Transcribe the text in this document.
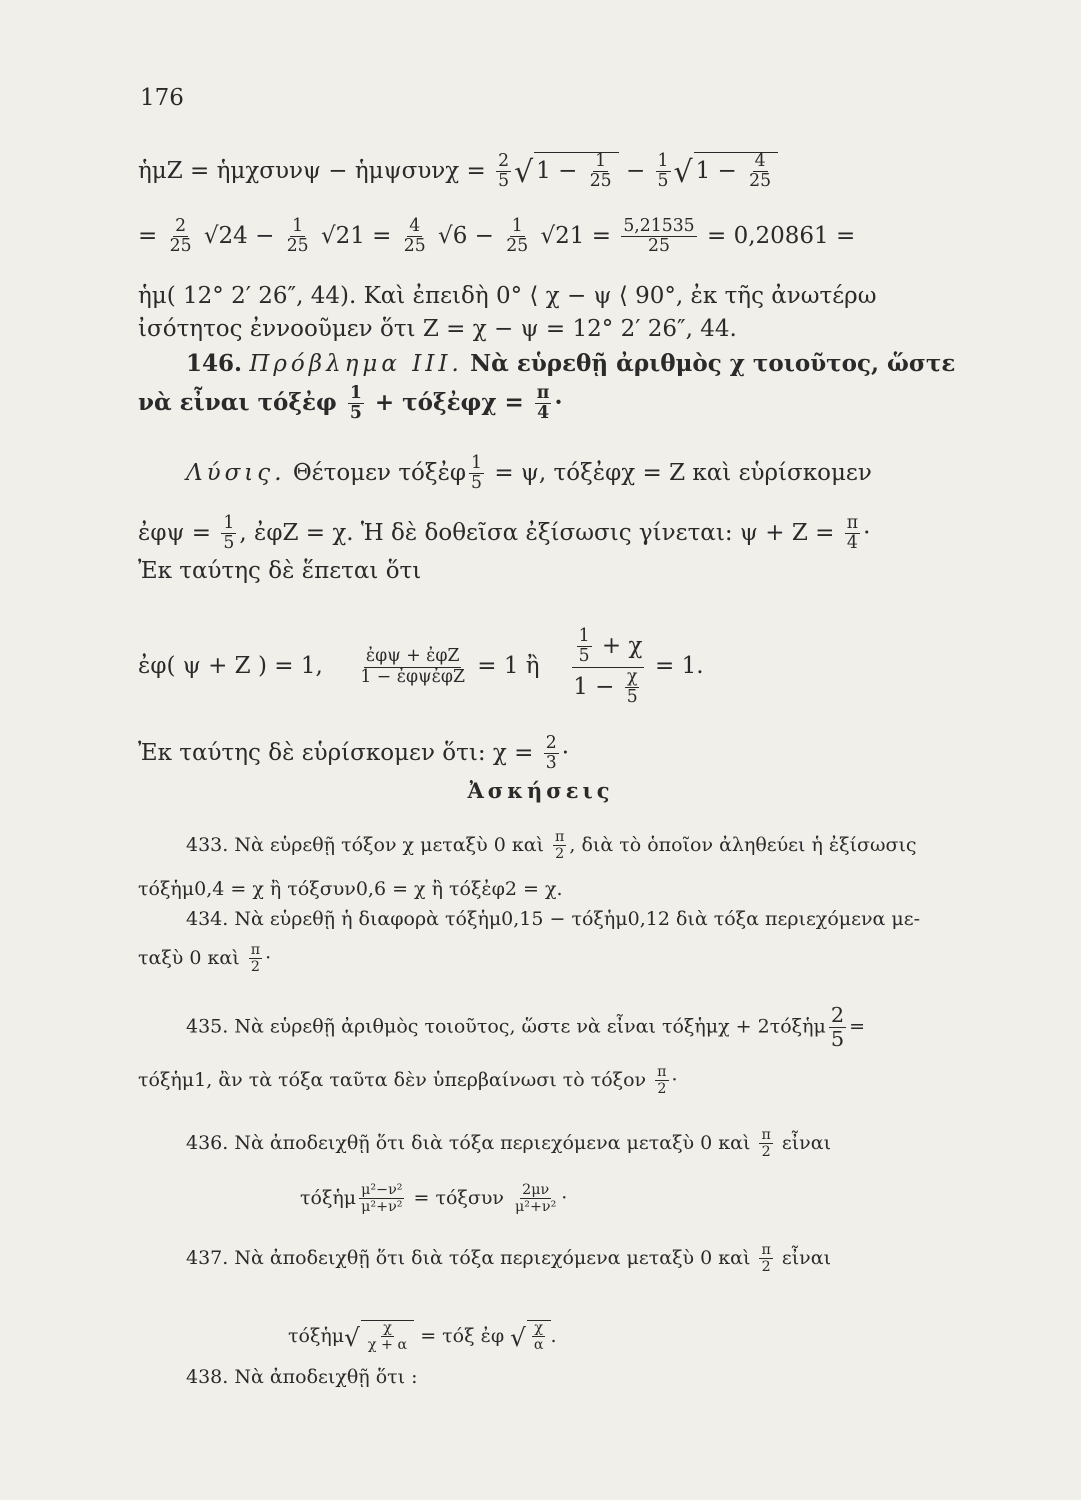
176
ἡμΖ = ἡμχσυνψ − ἡμψσυνχ = $\frac{2}{5}$ √ $1 - \frac{1}{25} - \frac{1}{5}$ √ $1 - \frac{4}{25}$
= $\frac{2}{25} √24 - \frac{1}{25} √21 = \frac{4}{25} √6 - \frac{1}{25} √21 = \frac{5,21535}{25} = 0,20861$ =
ἡμ( 12° 2′ 26″, 44). Καὶ ἐπειδὴ 0° ⟨ χ − ψ ⟨ 90°, ἐκ τῆς ἀνωτέρω
ἰσότητος ἐννοοῦμεν ὅτι Z = χ − ψ = 12° 2′ 26″, 44.
146. Πρόβλημα III. Νὰ εὑρεθῇ ἀριθμὸς χ τοιοῦτος, ὥστε
νὰ εἶναι τόξἐφ $\frac{1}{5}$ + τόξἐφχ = $\frac{\pi}{4}$ ·
Λύσις. Θέτομεν τόξἐφ $\frac{1}{5} = \psi$, τόξἐφχ = Z καὶ εὑρίσκομεν
ἐφψ = $\frac{1}{5}$ , ἐφΖ = χ. Ἡ δὲ δοθεῖσα ἐξίσωσις γίνεται: $\psi + Z = \frac{\pi}{4}$ ·
Ἐκ ταύτης δὲ ἕπεται ὅτι
ἐφ( ψ + Z ) = 1, $\frac{\text{ἐφψ + ἐφΖ}}{\text{1 − ἐφψἐφΖ}} = 1$ ἢ $\frac{\frac{1}{5} + \chi}{1 - \frac{\chi}{5}} = 1$.
Ἐκ ταύτης δὲ εὑρίσκομεν ὅτι: $\chi = \frac{2}{3}$ ·
Ἀσκήσεις
433. Νὰ εὑρεθῇ τόξον χ μεταξὺ 0 καὶ $\frac{\pi}{2}$ , διὰ τὸ ὁποῖον ἀληθεύει ἡ ἐξίσωσις
τόξἡμ0,4 = χ ἢ τόξσυν0,6 = χ ἢ τόξἐφ2 = χ.
434. Νὰ εὑρεθῇ ἡ διαφορὰ τόξἡμ0,15 − τόξἡμ0,12 διὰ τόξα περιεχόμενα με-
ταξὺ 0 καὶ $\frac{\pi}{2}$ ·
435. Νὰ εὑρεθῇ ἀριθμὸς τοιοῦτος, ὥστε νὰ εἶναι τόξἡμχ + 2τόξἡμ $\frac{2}{5}$ =
τόξἡμ1, ἂν τὰ τόξα ταῦτα δὲν ὑπερβαίνωσι τὸ τόξον $\frac{\pi}{2}$ ·
436. Νὰ ἀποδειχθῇ ὅτι διὰ τόξα περιεχόμενα μεταξὺ 0 καὶ $\frac{\pi}{2}$ εἶναι
τόξἡμ $\frac{\text{μ²−ν²}}{\text{μ²+ν²}} = \tau ό\xi\sigma\upsilon\nu \frac{2\mu\nu}{\text{μ²+ν²}}$ ·
437. Νὰ ἀποδειχθῇ ὅτι διὰ τόξα περιεχόμενα μεταξὺ 0 καὶ $\frac{\pi}{2}$ εἶναι
τόξἡμ√ $\frac{\chi}{\chi + \alpha} = \tau ό\xi$ ἐφ √ $\frac{\chi}{\alpha}$ .
438. Νὰ ἀποδειχθῇ ὅτι :
